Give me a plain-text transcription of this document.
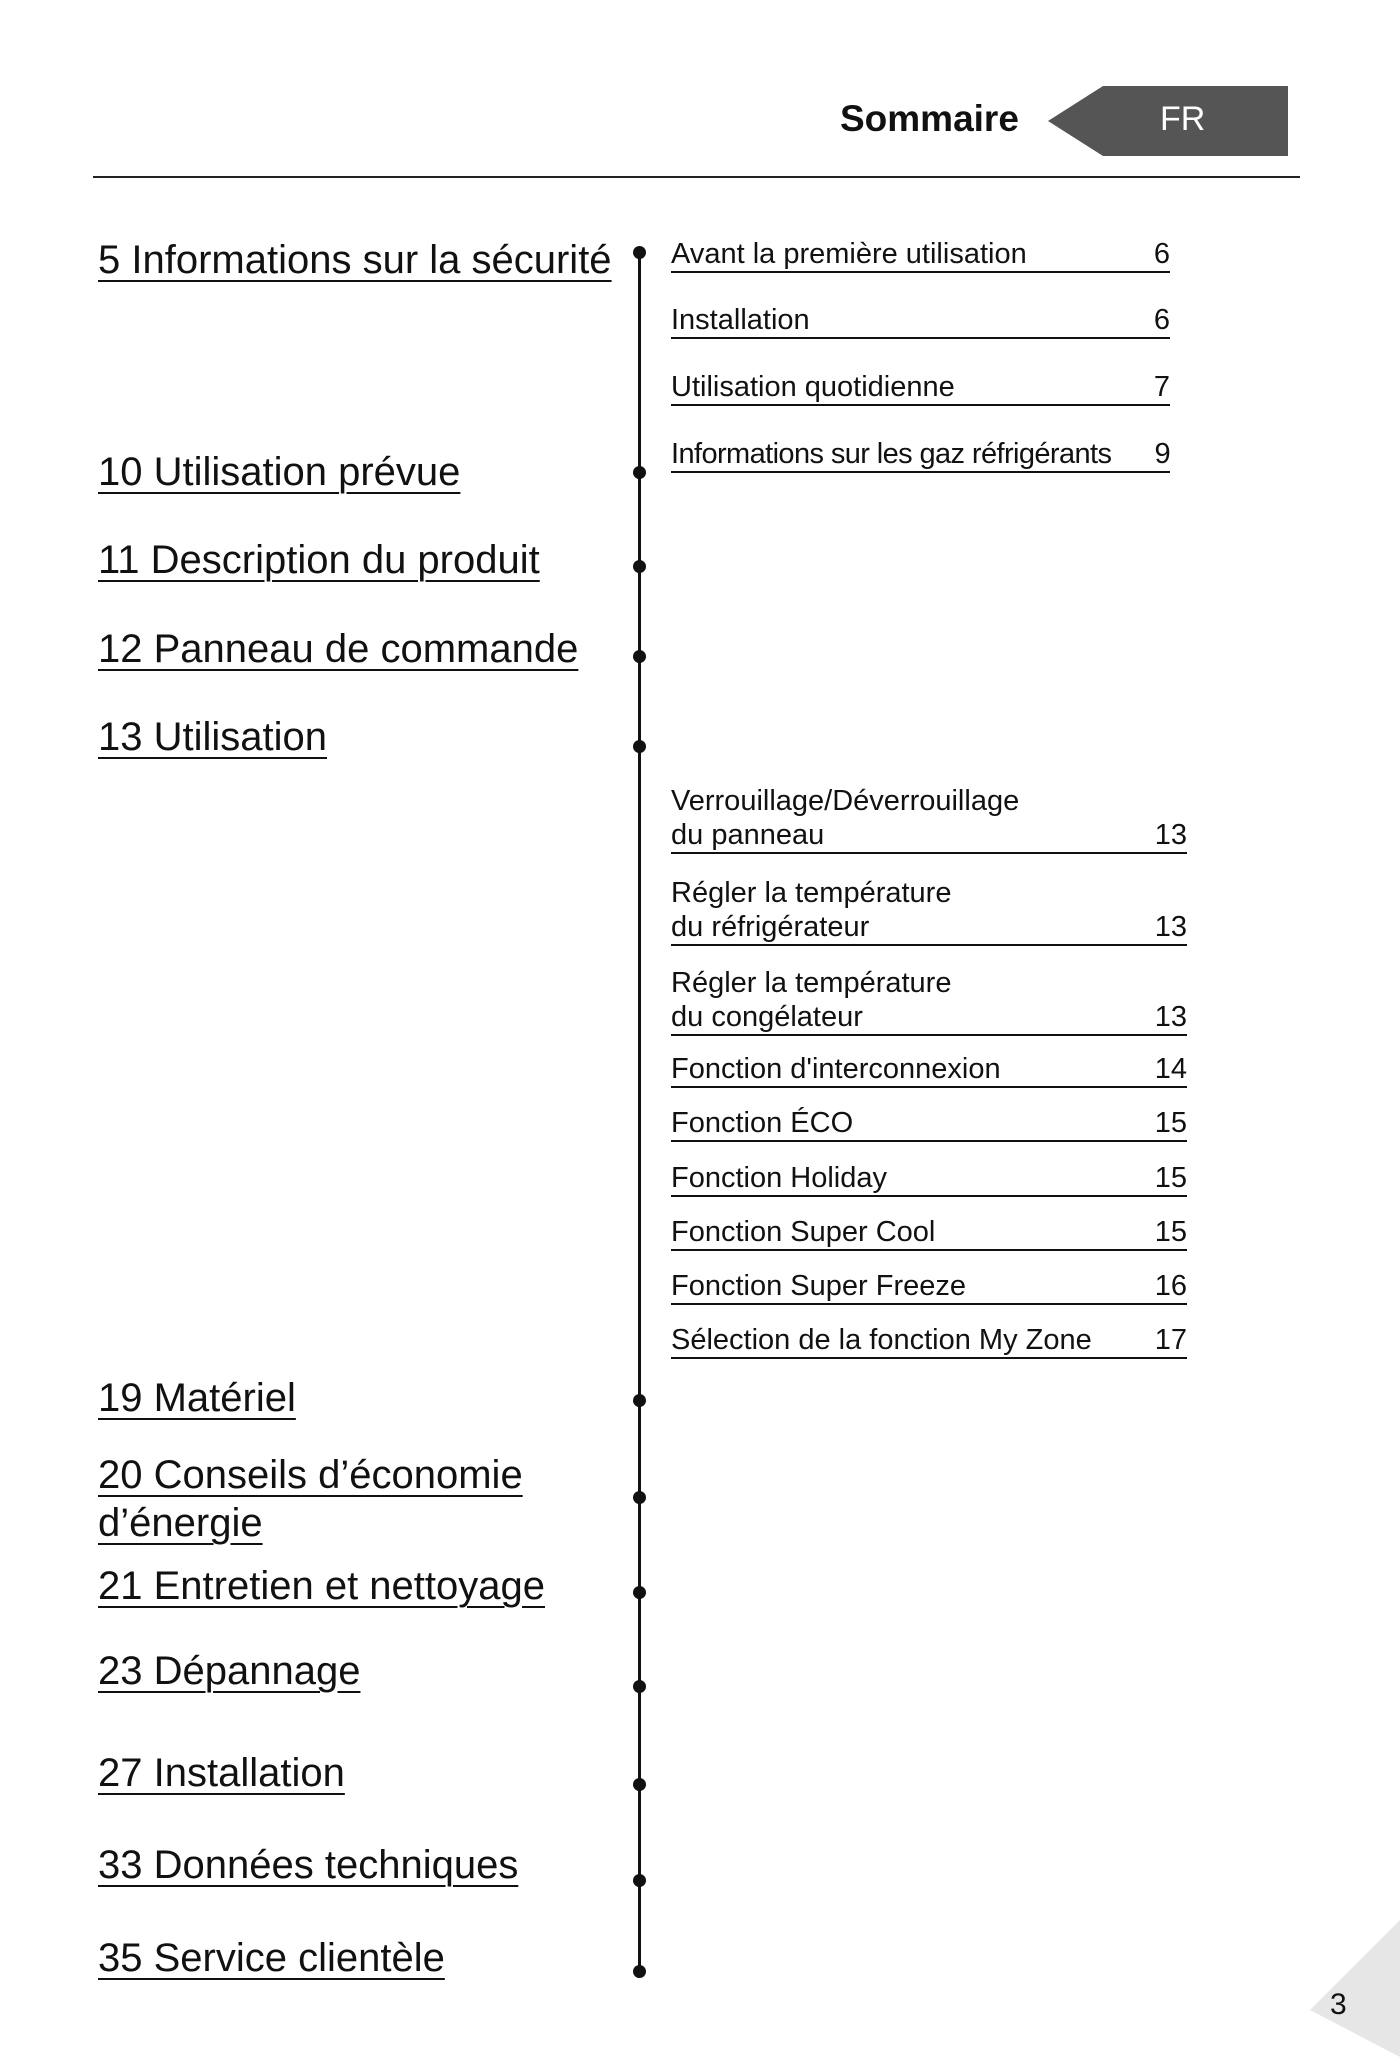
Sommaire	FR
5 Informations sur la sécurité
10 Utilisation prévue
11 Description du produit
12 Panneau de commande
13 Utilisation
19 Matériel
20 Conseils d’économie d’énergie
21 Entretien et nettoyage
23 Dépannage
27 Installation
33 Données techniques
35 Service clientèle
Avant la première utilisation	6
Installation	6
Utilisation quotidienne	7
Informations sur les gaz réfrigérants	9
Verrouillage/Déverrouillage
du panneau	13
Régler la température
du réfrigérateur	13
Régler la température
du congélateur	13
Fonction d'interconnexion	14
Fonction ÉCO	15
Fonction Holiday	15
Fonction Super Cool	15
Fonction Super Freeze	16
Sélection de la fonction My Zone	17
3
